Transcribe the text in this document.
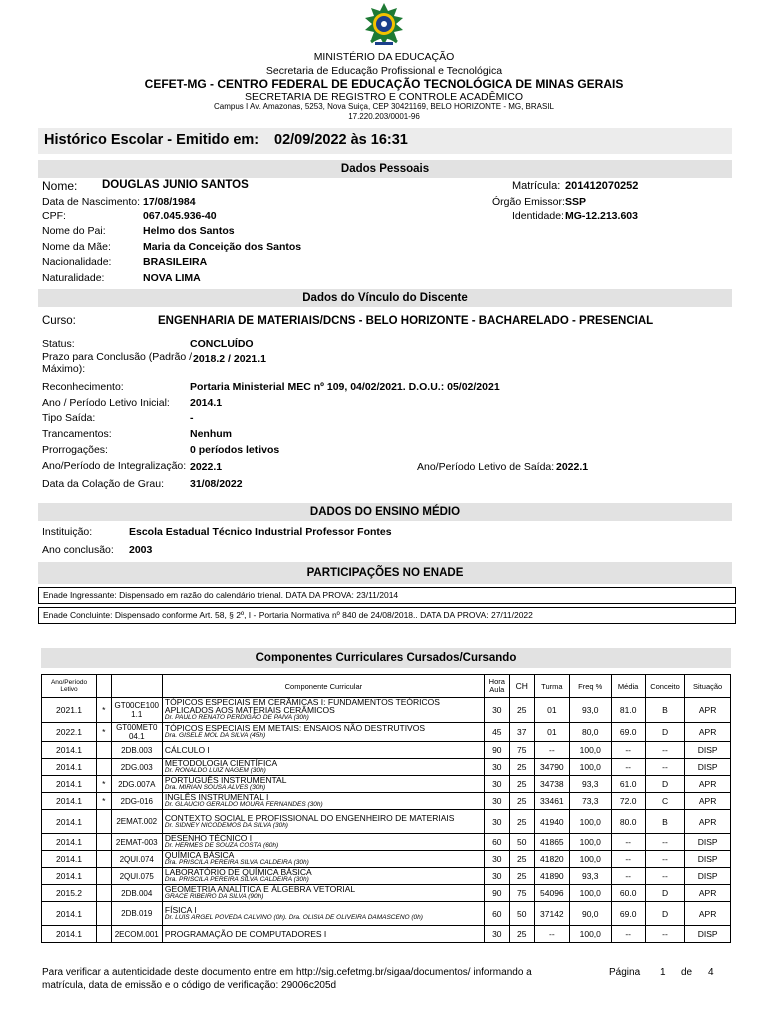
MINISTÉRIO DA EDUCAÇÃO
Secretaria de Educação Profissional e Tecnológica
CEFET-MG - CENTRO FEDERAL DE EDUCAÇÃO TECNOLÓGICA DE MINAS GERAIS
SECRETARIA DE REGISTRO E CONTROLE ACADÊMICO
Campus I Av. Amazonas, 5253, Nova Suiça, CEP 30421169, BELO HORIZONTE - MG, BRASIL
17.220.203/0001-96
Histórico Escolar - Emitido em: 02/09/2022 às 16:31
Dados Pessoais
Nome: DOUGLAS JUNIO SANTOS	Matrícula: 201412070252
Data de Nascimento: 17/08/1984	Órgão Emissor: SSP
CPF:	067.045.936-40	Identidade: MG-12.213.603
Nome do Pai:	Helmo dos Santos
Nome da Mãe:	Maria da Conceição dos Santos
Nacionalidade:	BRASILEIRA
Naturalidade:	NOVA LIMA
Dados do Vínculo do Discente
Curso:	ENGENHARIA DE MATERIAIS/DCNS - BELO HORIZONTE - BACHARELADO - PRESENCIAL
Status:	CONCLUÍDO
Prazo para Conclusão (Padrão /
Máximo):
2018.2 / 2021.1
Reconhecimento:	Portaria Ministerial MEC nº 109, 04/02/2021. D.O.U.: 05/02/2021
Ano / Período Letivo Inicial: 2014.1
Tipo Saída:	-
Trancamentos:	Nenhum
Prorrogações:	0 períodos letivos
Ano/Período de Integralização: 2022.1	Ano/Período Letivo de Saída: 2022.1
Data da Colação de Grau: 31/08/2022
DADOS DO ENSINO MÉDIO
Instituição:	Escola Estadual Técnico Industrial Professor Fontes
Ano conclusão: 2003
PARTICIPAÇÕES NO ENADE
Enade Ingressante: Dispensado em razão do calendário trienal. DATA DA PROVA: 23/11/2014
Enade Concluinte: Dispensado conforme Art. 58, § 2º, I - Portaria Normativa nº 840 de 24/08/2018.. DATA DA PROVA: 27/11/2022
Componentes Curriculares Cursados/Cursando
Ano/Período
Letivo			Componente Curricular	Hora
Aula	CH	Turma	Freq %	Média	Conceito	Situação
2021.1	*	GT00CE100 1.1	TÓPICOS ESPECIAIS EM CERÂMICAS I: FUNDAMENTOS TEÓRICOS APLICADOS AOS MATERIAIS CERÂMICOS
Dr. PAULO RENATO PERDIGÃO DE PAIVA (30h)	30	25	01	93,0	81.0	B	APR
2022.1	*	GT00MET0 04.1	TÓPICOS ESPECIAIS EM METAIS: ENSAIOS NÃO DESTRUTIVOS
Dra. GISELE MOL DA SILVA (45h)	45	37	01	80,0	69.0	D	APR
2014.1		2DB.003	CÁLCULO I	90	75	--	100,0	--	--	DISP
2014.1		2DG.003	METODOLOGIA CIENTÍFICA
Dr. RONALDO LUIZ NAGEM (30h)	30	25	34790	100,0	--	--	DISP
2014.1	*	2DG.007A	PORTUGUÊS INSTRUMENTAL
Dra. MIRIAN SOUSA ALVES (30h)	30	25	34738	93,3	61.0	D	APR
2014.1	*	2DG-016	INGLÊS INSTRUMENTAL I
Dr. GLAUCIO GERALDO MOURA FERNANDES (30h)	30	25	33461	73,3	72.0	C	APR
2014.1		2EMAT.002	CONTEXTO SOCIAL E PROFISSIONAL DO ENGENHEIRO DE MATERIAIS
Dr. SIDNEY NICODEMOS DA SILVA (30h)	30	25	41940	100,0	80.0	B	APR
2014.1		2EMAT-003	DESENHO TÉCNICO I
Dr. HERMES DE SOUZA COSTA (60h)	60	50	41865	100,0	--	--	DISP
2014.1		2QUI.074	QUÍMICA BÁSICA
Dra. PRISCILA PEREIRA SILVA CALDEIRA (30h)	30	25	41820	100,0	--	--	DISP
2014.1		2QUI.075	LABORATÓRIO DE QUÍMICA BÁSICA
Dra. PRISCILA PEREIRA SILVA CALDEIRA (30h)	30	25	41890	93,3	--	--	DISP
2015.2		2DB.004	GEOMETRIA ANALÍTICA E ÁLGEBRA VETORIAL
GRACE RIBEIRO DA SILVA (90h)	90	75	54096	100,0	60.0	D	APR
2014.1		2DB.019	FÍSICA I
Dr. LUIS ARGEL POVEDA CALVINO (0h). Dra. OLISIA DE OLIVEIRA DAMASCENO (0h)	60	50	37142	90,0	69.0	D	APR
2014.1		2ECOM.001	PROGRAMAÇÃO DE COMPUTADORES I	30	25	--	100,0	--	--	DISP
Para verificar a autenticidade deste documento entre em http://sig.cefetmg.br/sigaa/documentos/ informando a
matrícula, data de emissão e o código de verificação: 29006c205d
Página 1 de 4
